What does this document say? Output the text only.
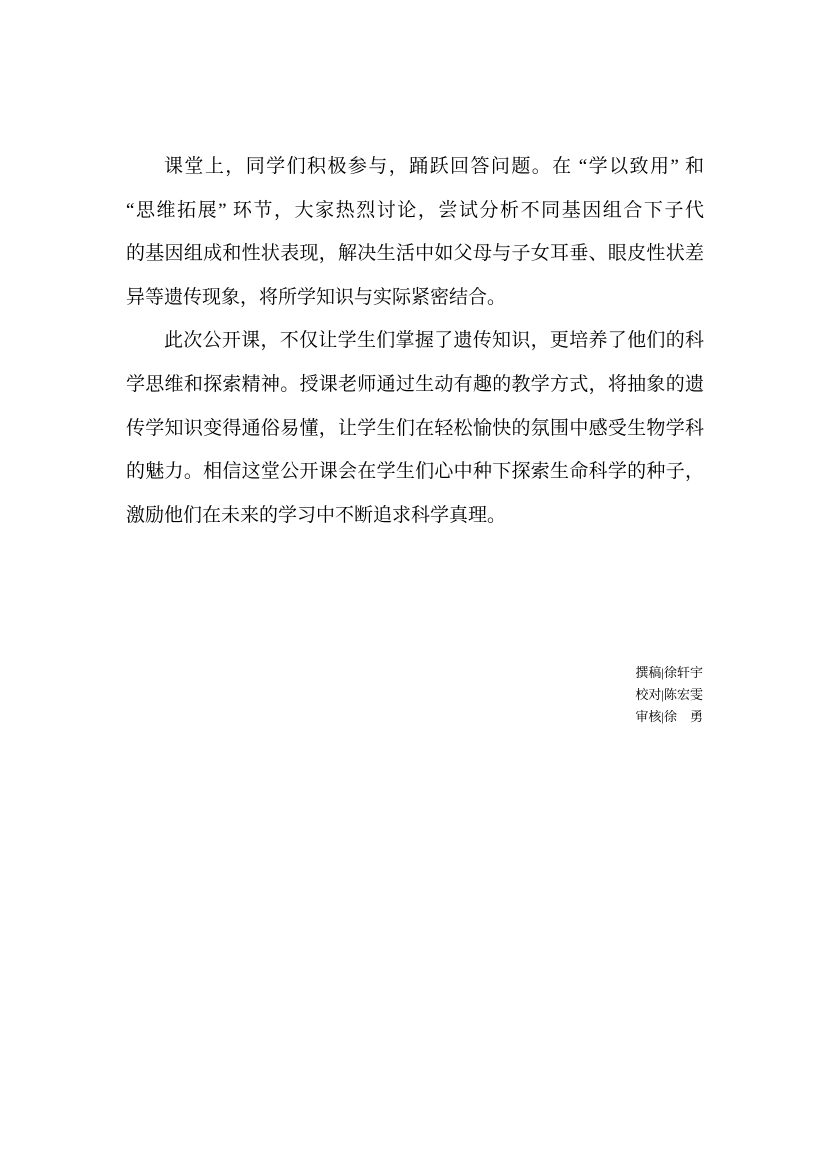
课堂上，同学们积极参与，踊跃回答问题。在 “学以致用” 和
“思维拓展” 环节，大家热烈讨论，尝试分析不同基因组合下子代
的基因组成和性状表现，解决生活中如父母与子女耳垂、眼皮性状差
异等遗传现象，将所学知识与实际紧密结合。
此次公开课，不仅让学生们掌握了遗传知识，更培养了他们的科
学思维和探索精神。授课老师通过生动有趣的教学方式，将抽象的遗
传学知识变得通俗易懂，让学生们在轻松愉快的氛围中感受生物学科
的魅力。相信这堂公开课会在学生们心中种下探索生命科学的种子，
激励他们在未来的学习中不断追求科学真理。
撰稿|徐轩宇
校对|陈宏雯
审核|徐　勇
